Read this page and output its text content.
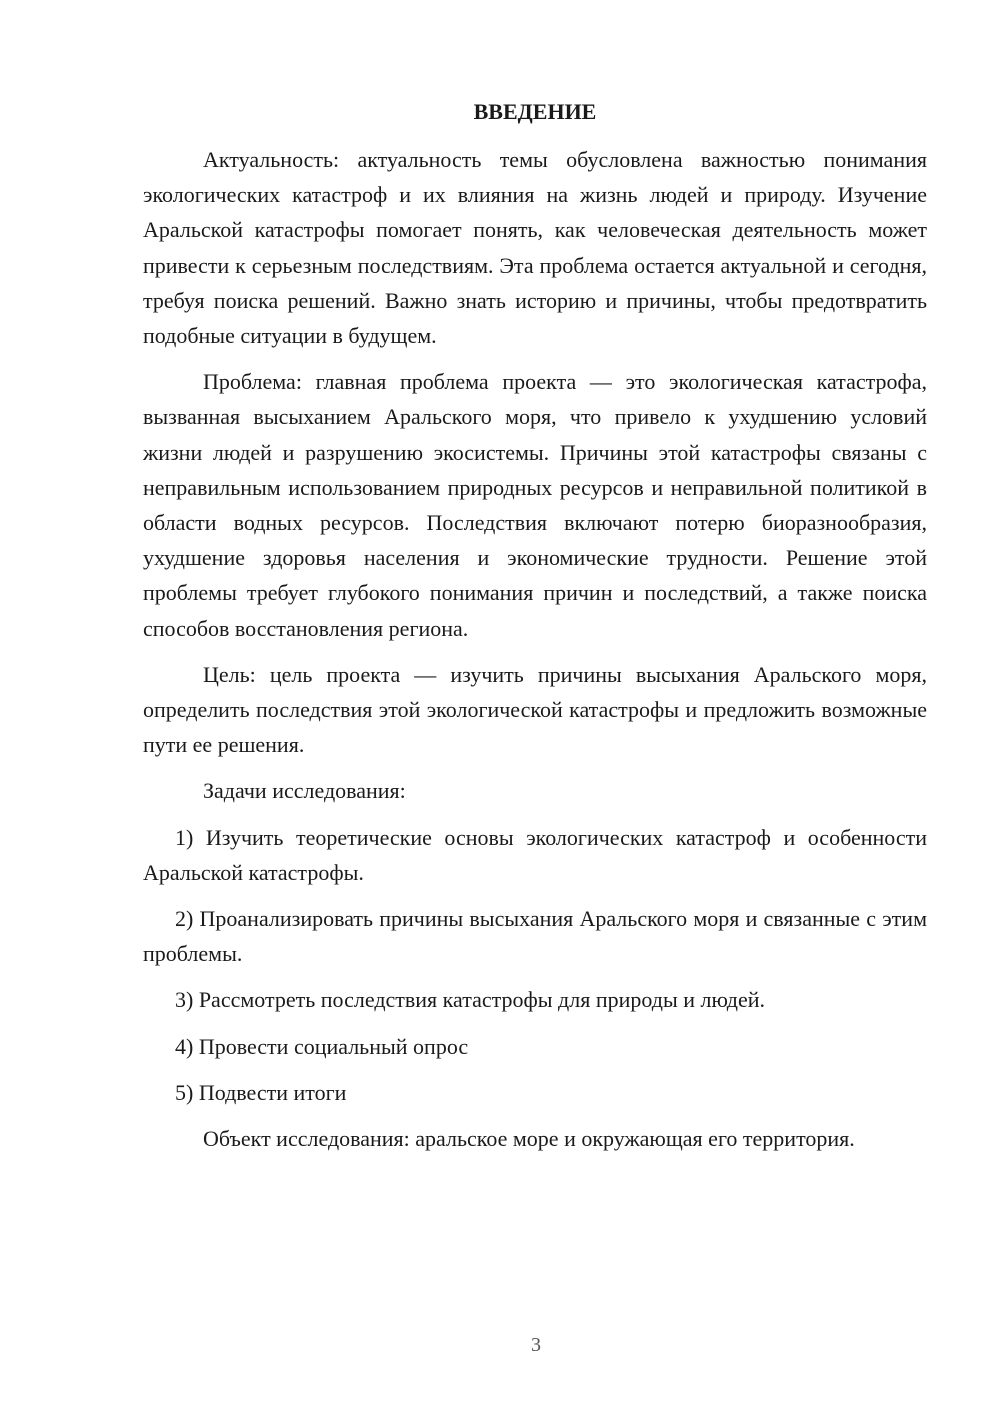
ВВЕДЕНИЕ

Актуальность: актуальность темы обусловлена важностью понимания экологических катастроф и их влияния на жизнь людей и природу. Изучение Аральской катастрофы помогает понять, как человеческая деятельность может привести к серьезным последствиям. Эта проблема остается актуальной и сегодня, требуя поиска решений. Важно знать историю и причины, чтобы предотвратить подобные ситуации в будущем.

Проблема: главная проблема проекта — это экологическая катастрофа, вызванная высыханием Аральского моря, что привело к ухудшению условий жизни людей и разрушению экосистемы. Причины этой катастрофы связаны с неправильным использованием природных ресурсов и неправильной политикой в области водных ресурсов. Последствия включают потерю биоразнообразия, ухудшение здоровья населения и экономические трудности. Решение этой проблемы требует глубокого понимания причин и последствий, а также поиска способов восстановления региона.

Цель: цель проекта — изучить причины высыхания Аральского моря, определить последствия этой экологической катастрофы и предложить возможные пути ее решения.

Задачи исследования:

1) Изучить теоретические основы экологических катастроф и особенности Аральской катастрофы.

2) Проанализировать причины высыхания Аральского моря и связанные с этим проблемы.

3) Рассмотреть последствия катастрофы для природы и людей.

4) Провести социальный опрос

5) Подвести итоги

Объект исследования: аральское море и окружающая его территория.

3
